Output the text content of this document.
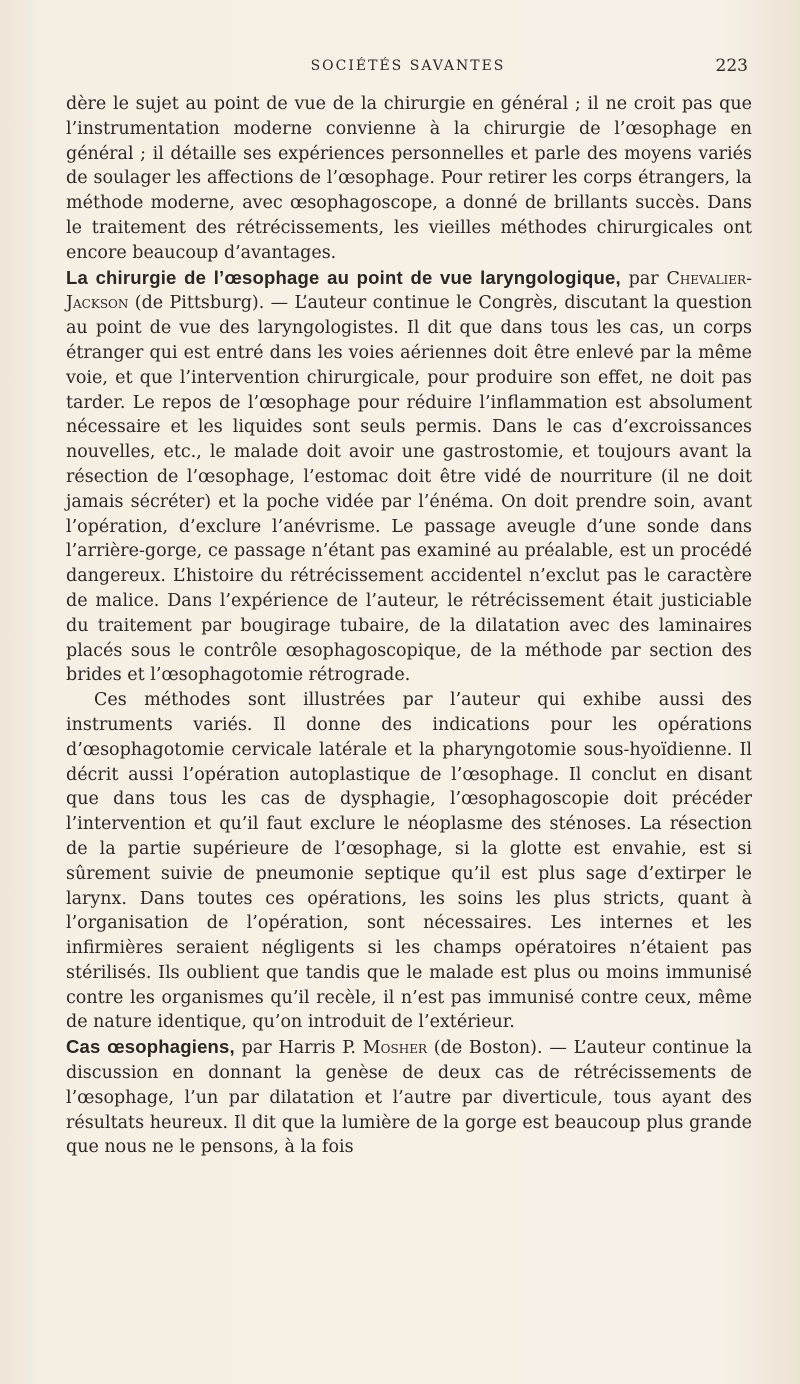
SOCIÉTÉS SAVANTES	223

dère le sujet au point de vue de la chirurgie en général ; il ne croit pas que l’instrumentation moderne convienne à la chirurgie de l’œsophage en général ; il détaille ses expériences personnelles et parle des moyens variés de soulager les affections de l’œsophage. Pour retirer les corps étrangers, la méthode moderne, avec œsophagoscope, a donné de brillants succès. Dans le traitement des rétrécissements, les vieilles méthodes chirurgicales ont encore beaucoup d’avantages.

La chirurgie de l’œsophage au point de vue laryngologique, par Chevalier-Jackson (de Pittsburg). — L’auteur continue le Congrès, discutant la question au point de vue des laryngologistes. Il dit que dans tous les cas, un corps étranger qui est entré dans les voies aériennes doit être enlevé par la même voie, et que l’intervention chirurgicale, pour produire son effet, ne doit pas tarder. Le repos de l’œsophage pour réduire l’inflammation est absolument nécessaire et les liquides sont seuls permis. Dans le cas d’excroissances nouvelles, etc., le malade doit avoir une gastrostomie, et toujours avant la résection de l’œsophage, l’estomac doit être vidé de nourriture (il ne doit jamais sécréter) et la poche vidée par l’énéma. On doit prendre soin, avant l’opération, d’exclure l’anévrisme. Le passage aveugle d’une sonde dans l’arrière-gorge, ce passage n’étant pas examiné au préalable, est un procédé dangereux. L’histoire du rétrécissement accidentel n’exclut pas le caractère de malice. Dans l’expérience de l’auteur, le rétrécissement était justiciable du traitement par bougirage tubaire, de la dilatation avec des laminaires placés sous le contrôle œsophagoscopique, de la méthode par section des brides et l’œsophagotomie rétrograde.

Ces méthodes sont illustrées par l’auteur qui exhibe aussi des instruments variés. Il donne des indications pour les opérations d’œsophagotomie cervicale latérale et la pharyngotomie sous-hyoïdienne. Il décrit aussi l’opération autoplastique de l’œsophage. Il conclut en disant que dans tous les cas de dysphagie, l’œsophagoscopie doit précéder l’intervention et qu’il faut exclure le néoplasme des sténoses. La résection de la partie supérieure de l’œsophage, si la glotte est envahie, est si sûrement suivie de pneumonie septique qu’il est plus sage d’extirper le larynx. Dans toutes ces opérations, les soins les plus stricts, quant à l’organisation de l’opération, sont nécessaires. Les internes et les infirmières seraient négligents si les champs opératoires n’étaient pas stérilisés. Ils oublient que tandis que le malade est plus ou moins immunisé contre les organismes qu’il recèle, il n’est pas immunisé contre ceux, même de nature identique, qu’on introduit de l’extérieur.

Cas œsophagiens, par Harris P. Mosher (de Boston). — L’auteur continue la discussion en donnant la genèse de deux cas de rétrécissements de l’œsophage, l’un par dilatation et l’autre par diverticule, tous ayant des résultats heureux. Il dit que la lumière de la gorge est beaucoup plus grande que nous ne le pensons, à la fois
